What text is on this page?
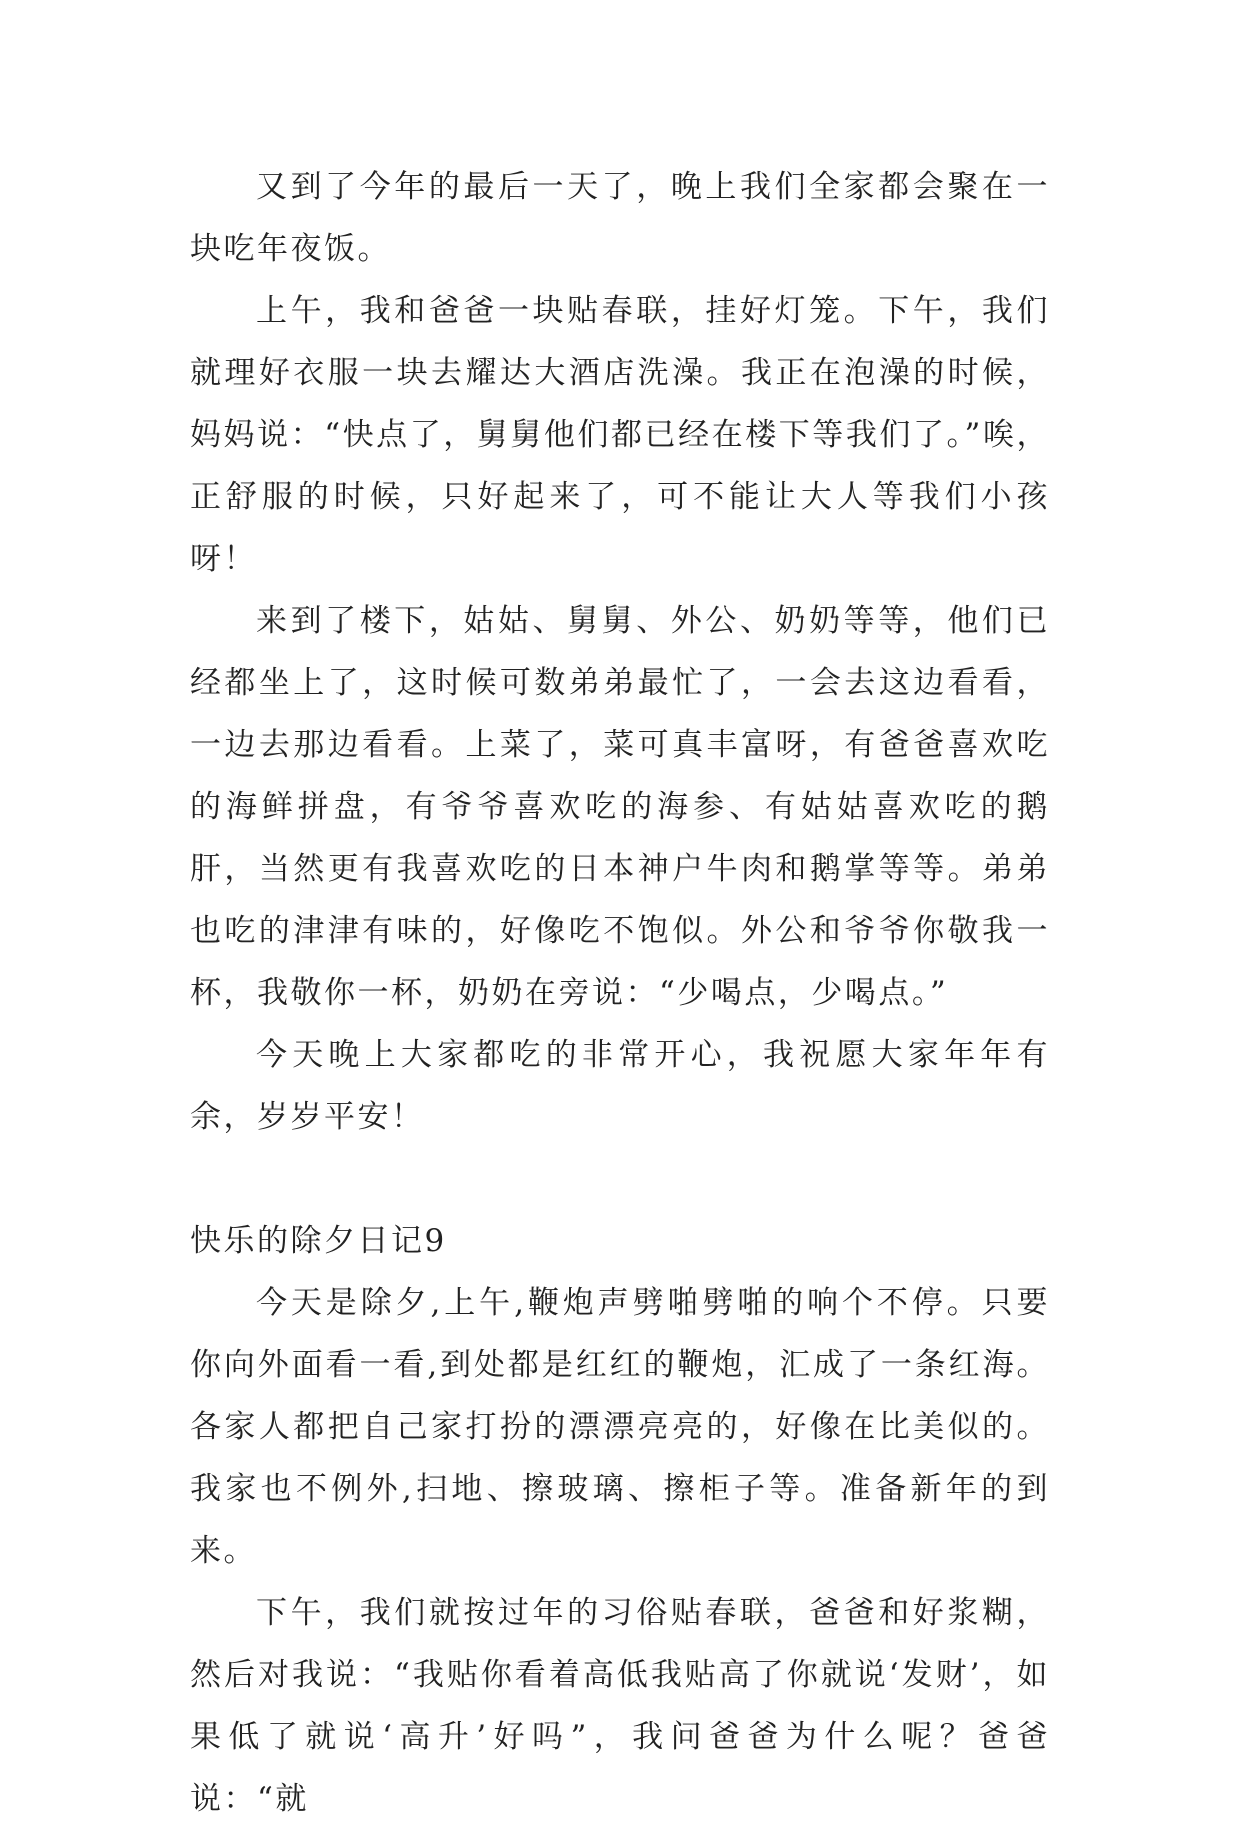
又到了今年的最后一天了，晚上我们全家都会聚在一块吃年夜饭。

上午，我和爸爸一块贴春联，挂好灯笼。下午，我们就理好衣服一块去耀达大酒店洗澡。我正在泡澡的时候，妈妈说：“快点了，舅舅他们都已经在楼下等我们了。”唉，正舒服的时候，只好起来了，可不能让大人等我们小孩呀！

来到了楼下，姑姑、舅舅、外公、奶奶等等，他们已经都坐上了，这时候可数弟弟最忙了，一会去这边看看，一边去那边看看。上菜了，菜可真丰富呀，有爸爸喜欢吃的海鲜拼盘，有爷爷喜欢吃的海参、有姑姑喜欢吃的鹅肝，当然更有我喜欢吃的日本神户牛肉和鹅掌等等。弟弟也吃的津津有味的，好像吃不饱似。外公和爷爷你敬我一杯，我敬你一杯，奶奶在旁说：“少喝点，少喝点。”

今天晚上大家都吃的非常开心，我祝愿大家年年有余，岁岁平安！

快乐的除夕日记9

今天是除夕,上午,鞭炮声劈啪劈啪的响个不停。只要你向外面看一看,到处都是红红的鞭炮，汇成了一条红海。各家人都把自己家打扮的漂漂亮亮的，好像在比美似的。我家也不例外,扫地、擦玻璃、擦柜子等。准备新年的到来。

下午，我们就按过年的习俗贴春联，爸爸和好浆糊，然后对我说：“我贴你看着高低我贴高了你就说‘发财’，如果低了就说‘高升’好吗”，我问爸爸为什么呢？爸爸说：“就
